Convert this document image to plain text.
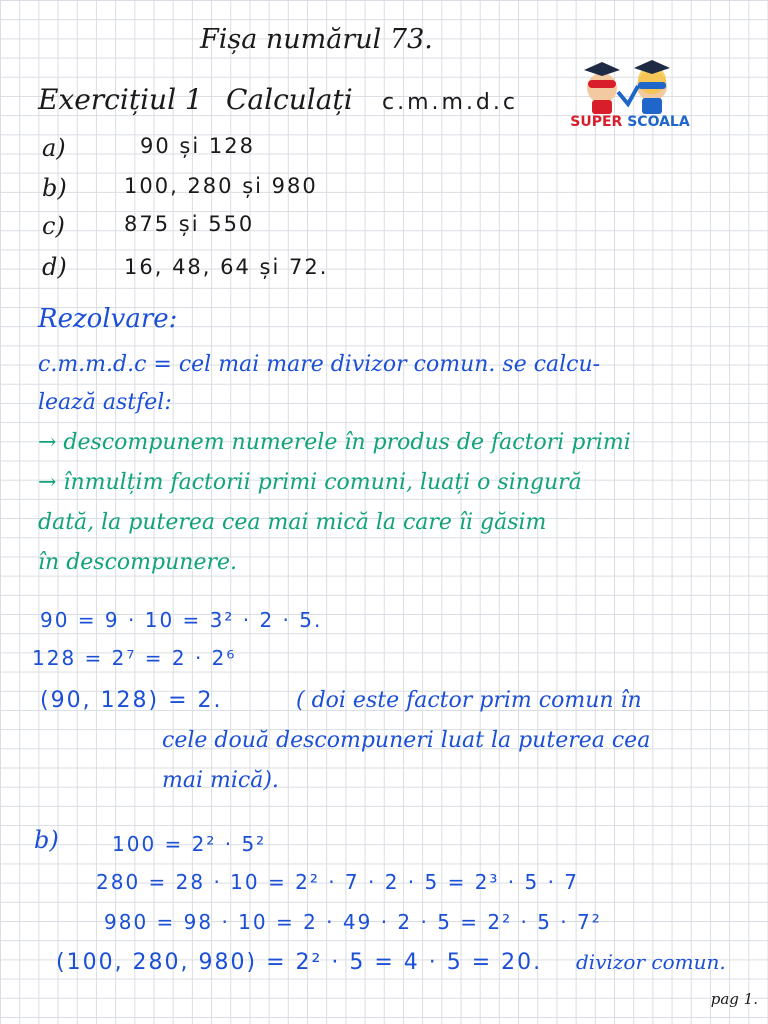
Fișa numărul 73.
Exercițiul 1 Calculați c.m.m.d.c
SUPER SCOALA
a)	90 și 128
b)	100, 280 și 980
c)	875 și 550
d)	16, 48, 64 și 72.
Rezolvare:
c.m.m.d.c = cel mai mare divizor comun. se calcu-
lează astfel:
→ descompunem numerele în produs de factori primi
→ înmulțim factorii primi comuni, luați o singură
dată, la puterea cea mai mică la care îi găsim
în descompunere.
90 = 9 · 10 = 3² · 2 · 5.
128 = 2⁷ = 2 · 2⁶
(90, 128) = 2.	( doi este factor prim comun în
cele două descompuneri luat la puterea cea
mai mică).
b)	100 = 2² · 5²
280 = 28 · 10 = 2² · 7 · 2 · 5 = 2³ · 5 · 7
980 = 98 · 10 = 2 · 49 · 2 · 5 = 2² · 5 · 7²
(100, 280, 980) = 2² · 5 = 4 · 5 = 20. divizor comun.
pag 1.
